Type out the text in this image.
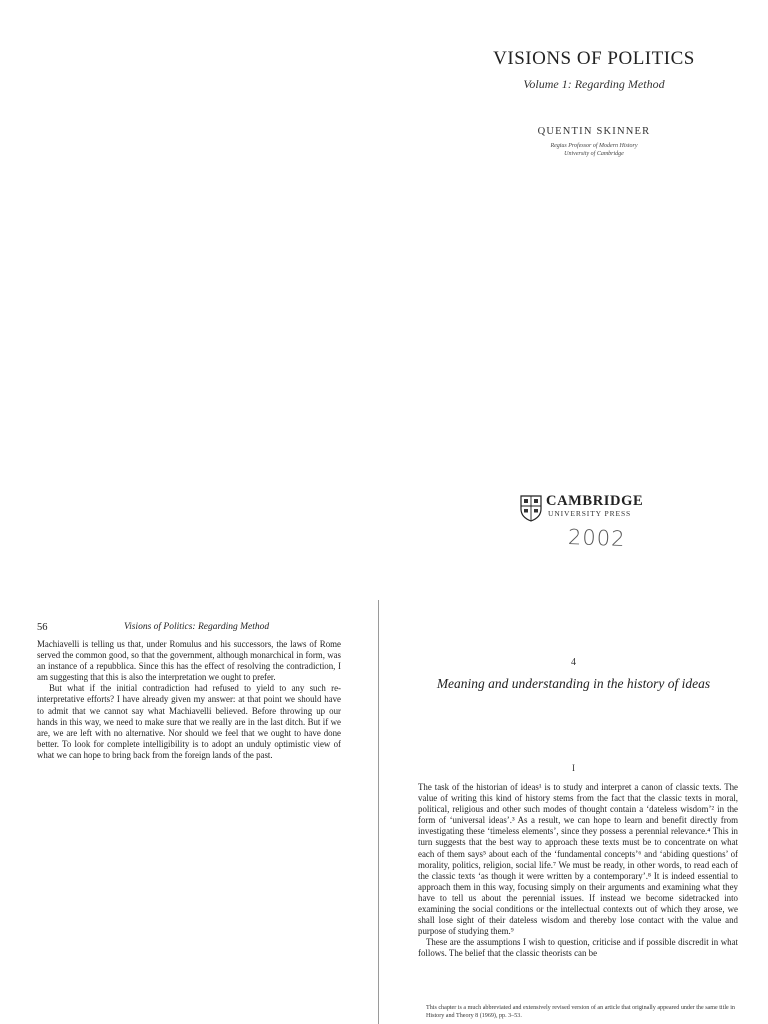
VISIONS OF POLITICS
Volume 1: Regarding Method
QUENTIN SKINNER
Regius Professor of Modern History
University of Cambridge
CAMBRIDGE
UNIVERSITY PRESS
2002
56	Visions of Politics: Regarding Method

Machiavelli is telling us that, under Romulus and his successors, the laws of Rome served the common good, so that the government, although monarchical in form, was an instance of a repubblica. Since this has the effect of resolving the contradiction, I am suggesting that this is also the interpretation we ought to prefer.

But what if the initial contradiction had refused to yield to any such re-interpretative efforts? I have already given my answer: at that point we should have to admit that we cannot say what Machiavelli believed. Before throwing up our hands in this way, we need to make sure that we really are in the last ditch. But if we are, we are left with no alternative. Nor should we feel that we ought to have done better. To look for complete intelligibility is to adopt an unduly optimistic view of what we can hope to bring back from the foreign lands of the past.

4
Meaning and understanding in the history of ideas
I

The task of the historian of ideas¹ is to study and interpret a canon of classic texts. The value of writing this kind of history stems from the fact that the classic texts in moral, political, religious and other such modes of thought contain a ‘dateless wisdom’² in the form of ‘universal ideas’.³ As a result, we can hope to learn and benefit directly from investigating these ‘timeless elements’, since they possess a perennial relevance.⁴ This in turn suggests that the best way to approach these texts must be to concentrate on what each of them says⁵ about each of the ‘fundamental concepts’⁶ and ‘abiding questions’ of morality, politics, religion, social life.⁷ We must be ready, in other words, to read each of the classic texts ‘as though it were written by a contemporary’.⁸ It is indeed essential to approach them in this way, focusing simply on their arguments and examining what they have to tell us about the perennial issues. If instead we become sidetracked into examining the social conditions or the intellectual contexts out of which they arose, we shall lose sight of their dateless wisdom and thereby lose contact with the value and purpose of studying them.⁹

These are the assumptions I wish to question, criticise and if possible discredit in what follows. The belief that the classic theorists can be

This chapter is a much abbreviated and extensively revised version of an article that originally appeared under the same title in History and Theory 8 (1969), pp. 3–53.
